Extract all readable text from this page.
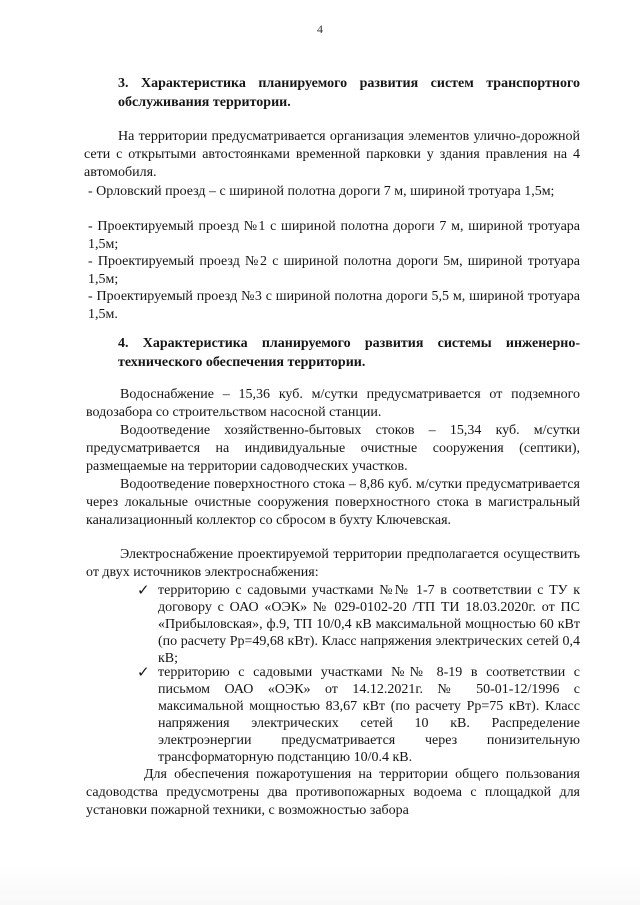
4
3. Характеристика планируемого развития систем транспортного обслуживания территории.
На территории предусматривается организация элементов улично-дорожной сети с открытыми автостоянками временной парковки у здания правления на 4 автомобиля.
- Орловский проезд – с шириной полотна дороги 7 м, шириной тротуара 1,5м;
- Проектируемый проезд №1 с шириной полотна дороги 7 м, шириной тротуара 1,5м;
- Проектируемый проезд №2 с шириной полотна дороги 5м, шириной тротуара 1,5м;
- Проектируемый проезд №3 с шириной полотна дороги 5,5 м, шириной тротуара 1,5м.
4. Характеристика планируемого развития системы инженерно-технического обеспечения территории.
Водоснабжение – 15,36 куб. м/сутки предусматривается от подземного водозабора со строительством насосной станции.
Водоотведение хозяйственно-бытовых стоков – 15,34 куб. м/сутки предусматривается на индивидуальные очистные сооружения (септики), размещаемые на территории садоводческих участков.
Водоотведение поверхностного стока – 8,86 куб. м/сутки предусматривается через локальные очистные сооружения поверхностного стока в магистральный канализационный коллектор со сбросом в бухту Ключевская.
Электроснабжение проектируемой территории предполагается осуществить от двух источников электроснабжения:
✓ территорию с садовыми участками №№ 1-7 в соответствии с ТУ к договору с ОАО «ОЭК» № 029-0102-20 /ТП ТИ 18.03.2020г. от ПС «Прибыловская», ф.9, ТП 10/0,4 кВ максимальной мощностью 60 кВт (по расчету Рр=49,68 кВт). Класс напряжения электрических сетей 0,4 кВ;
✓ территорию с садовыми участками №№ 8-19 в соответствии с письмом ОАО «ОЭК» от 14.12.2021г. № 50-01-12/1996 с максимальной мощностью 83,67 кВт (по расчету Рр=75 кВт). Класс напряжения электрических сетей 10 кВ. Распределение электроэнергии предусматривается через понизительную трансформаторную подстанцию 10/0.4 кВ.
Для обеспечения пожаротушения на территории общего пользования садоводства предусмотрены два противопожарных водоема с площадкой для установки пожарной техники, с возможностью забора
